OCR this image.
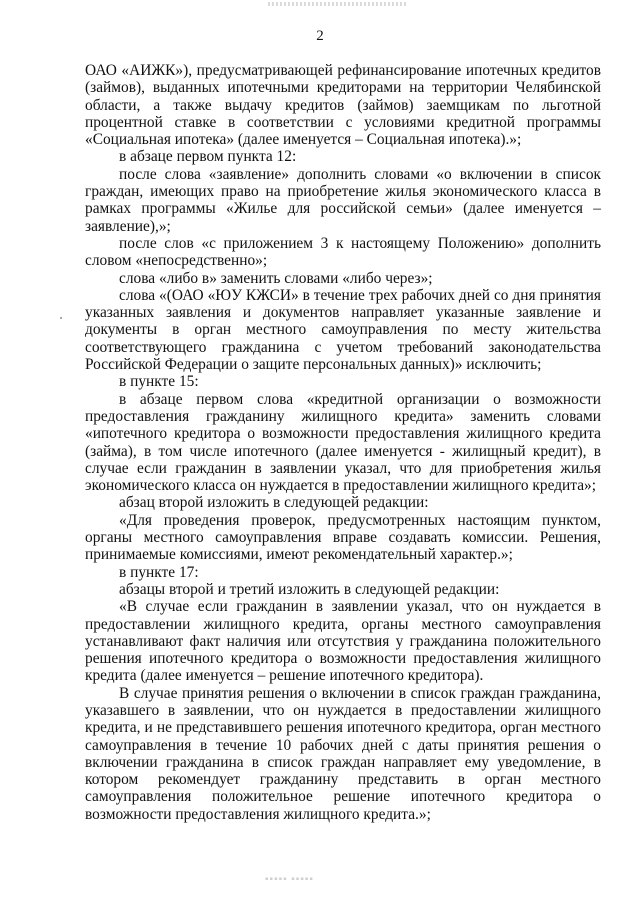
2

ОАО «АИЖК»), предусматривающей рефинансирование ипотечных кредитов (займов), выданных ипотечными кредиторами на территории Челябинской области, а также выдачу кредитов (займов) заемщикам по льготной процентной ставке в соответствии с условиями кредитной программы «Социальная ипотека» (далее именуется – Социальная ипотека).»;

в абзаце первом пункта 12:

после слова «заявление» дополнить словами «о включении в список граждан, имеющих право на приобретение жилья экономического класса в рамках программы «Жилье для российской семьи» (далее именуется – заявление),»;

после слов «с приложением 3 к настоящему Положению» дополнить словом «непосредственно»;

слова «либо в» заменить словами «либо через»;

слова «(ОАО «ЮУ КЖСИ» в течение трех рабочих дней со дня принятия указанных заявления и документов направляет указанные заявление и документы в орган местного самоуправления по месту жительства соответствующего гражданина с учетом требований законодательства Российской Федерации о защите персональных данных)» исключить;

в пункте 15:

в абзаце первом слова «кредитной организации о возможности предоставления гражданину жилищного кредита» заменить словами «ипотечного кредитора о возможности предоставления жилищного кредита (займа), в том числе ипотечного (далее именуется - жилищный кредит), в случае если гражданин в заявлении указал, что для приобретения жилья экономического класса он нуждается в предоставлении жилищного кредита»;

абзац второй изложить в следующей редакции:

«Для проведения проверок, предусмотренных настоящим пунктом, органы местного самоуправления вправе создавать комиссии. Решения, принимаемые комиссиями, имеют рекомендательный характер.»;

в пункте 17:

абзацы второй и третий изложить в следующей редакции:

«В случае если гражданин в заявлении указал, что он нуждается в предоставлении жилищного кредита, органы местного самоуправления устанавливают факт наличия или отсутствия у гражданина положительного решения ипотечного кредитора о возможности предоставления жилищного кредита (далее именуется – решение ипотечного кредитора).

В случае принятия решения о включении в список граждан гражданина, указавшего в заявлении, что он нуждается в предоставлении жилищного кредита, и не представившего решения ипотечного кредитора, орган местного самоуправления в течение 10 рабочих дней с даты принятия решения о включении гражданина в список граждан направляет ему уведомление, в котором рекомендует гражданину представить в орган местного самоуправления положительное решение ипотечного кредитора о возможности предоставления жилищного кредита.»;

▪▪▪▪▪ ▪▪▪▪▪
